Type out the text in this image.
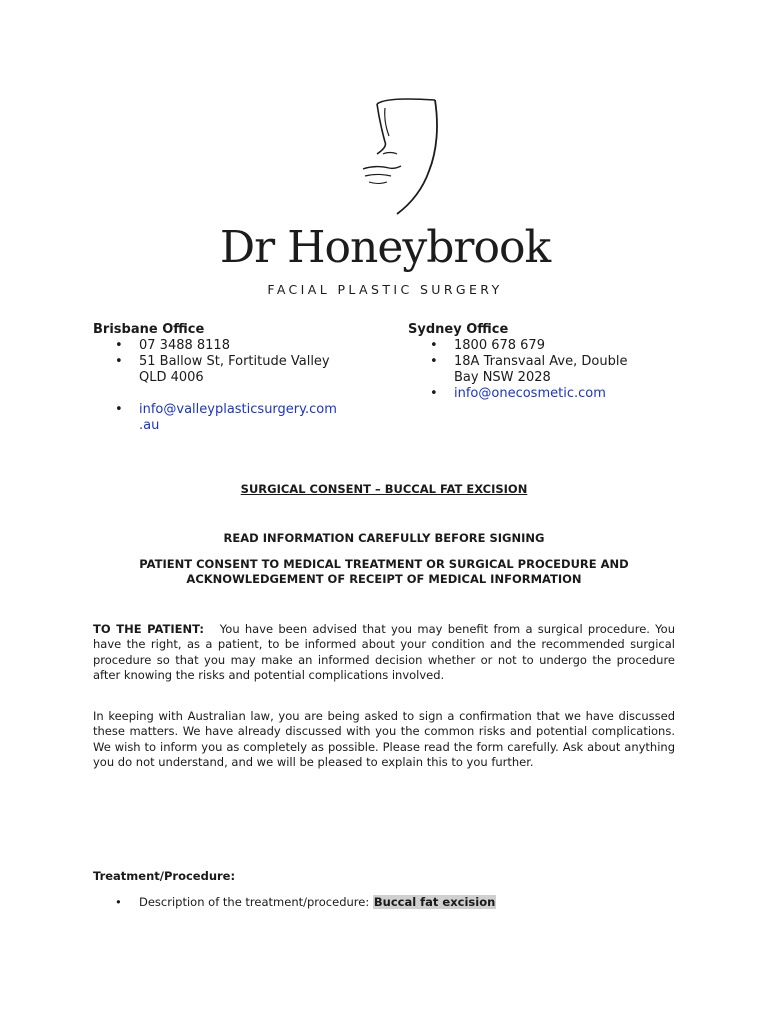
Dr Honeybrook
FACIAL PLASTIC SURGERY
Brisbane Office
• 07 3488 8118
• 51 Ballow St, Fortitude Valley
QLD 4006
• info@valleyplasticsurgery.com
.au
Sydney Office
• 1800 678 679
• 18A Transvaal Ave, Double
Bay NSW 2028
• info@onecosmetic.com
SURGICAL CONSENT – BUCCAL FAT EXCISION
READ INFORMATION CAREFULLY BEFORE SIGNING
PATIENT CONSENT TO MEDICAL TREATMENT OR SURGICAL PROCEDURE AND
ACKNOWLEDGEMENT OF RECEIPT OF MEDICAL INFORMATION
TO THE PATIENT: You have been advised that you may benefit from a surgical procedure. You have the right, as a patient, to be informed about your condition and the recommended surgical procedure so that you may make an informed decision whether or not to undergo the procedure after knowing the risks and potential complications involved.
In keeping with Australian law, you are being asked to sign a confirmation that we have discussed these matters. We have already discussed with you the common risks and potential complications. We wish to inform you as completely as possible. Please read the form carefully. Ask about anything you do not understand, and we will be pleased to explain this to you further.
Treatment/Procedure:
• Description of the treatment/procedure: Buccal fat excision
